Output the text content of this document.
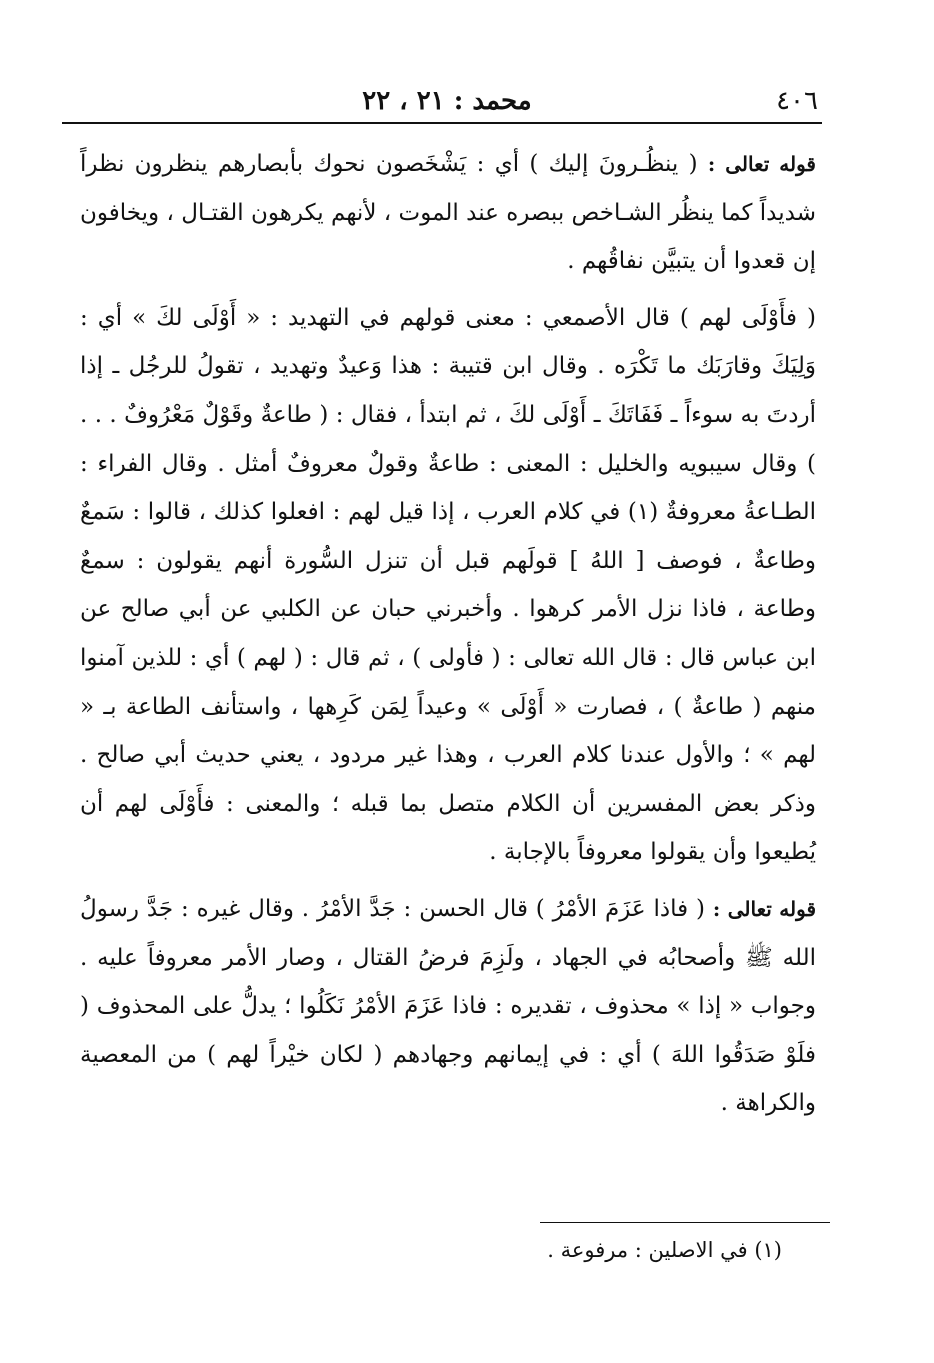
محمد : ٢١ ، ٢٢	٤٠٦

قوله تعالى : ( ينظُـرونَ إليك ) أي : يَشْخَصون نحوك بأبصارهم ينظرون نظراً شديداً كما ينظُر الشـاخص ببصره عند الموت ، لأنهم يكرهون القتـال ، ويخافون إن قعدوا أن يتبيَّن نفاقُهم .

( فأَوْلَى لهم ) قال الأصمعي : معنى قولهم في التهديد : « أَوْلَى لكَ » أي : وَلِيَكَ وقارَبَك ما تَكْرَه . وقال ابن قتيبة : هذا وَعيدٌ وتهديد ، تقولُ للرجُل ـ إذا أردتَ به سوءاً ـ فَفَاتَكَ ـ أَوْلَى لكَ ، ثم ابتدأ ، فقال : ( طاعةٌ وقَوْلٌ مَعْرُوفٌ . . . ) وقال سيبويه والخليل : المعنى : طاعةٌ وقولٌ معروفٌ أمثل . وقال الفراء : الطـاعةُ معروفةٌ (١) في كلام العرب ، إذا قيل لهم : افعلوا كذلك ، قالوا : سَمعٌ وطاعةٌ ، فوصف [ اللهُ ] قولَهم قبل أن تنزل السُّورة أنهم يقولون : سمعٌ وطاعة ، فاذا نزل الأمر كرهوا . وأخبرني حبان عن الكلبي عن أبي صالح عن ابن عباس قال : قال الله تعالى : ( فأولى ) ، ثم قال : ( لهم ) أي : للذين آمنوا منهم ( طاعةٌ ) ، فصارت « أَوْلَى » وعيداً لِمَن كَرِهها ، واستأنف الطاعة بـ « لهم » ؛ والأول عندنا كلام العرب ، وهذا غير مردود ، يعني حديث أبي صالح . وذكر بعض المفسرين أن الكلام متصل بما قبله ؛ والمعنى : فأَوْلَى لهم أن يُطيعوا وأن يقولوا معروفاً بالإجابة .

قوله تعالى : ( فاذا عَزَمَ الأمْرُ ) قال الحسن : جَدَّ الأمْرُ . وقال غيره : جَدَّ رسولُ الله ﷺ وأصحابُه في الجهاد ، ولَزِمَ فرضُ القتال ، وصار الأمر معروفاً عليه . وجواب « إذا » محذوف ، تقديره : فاذا عَزَمَ الأمْرُ نَكَلُوا ؛ يدلُّ على المحذوف ( فلَوْ صَدَقُوا اللهَ ) أي : في إيمانهم وجهادهم ( لكان خيْراً لهم ) من المعصية والكراهة .

(١) في الاصلين : مرفوعة .
